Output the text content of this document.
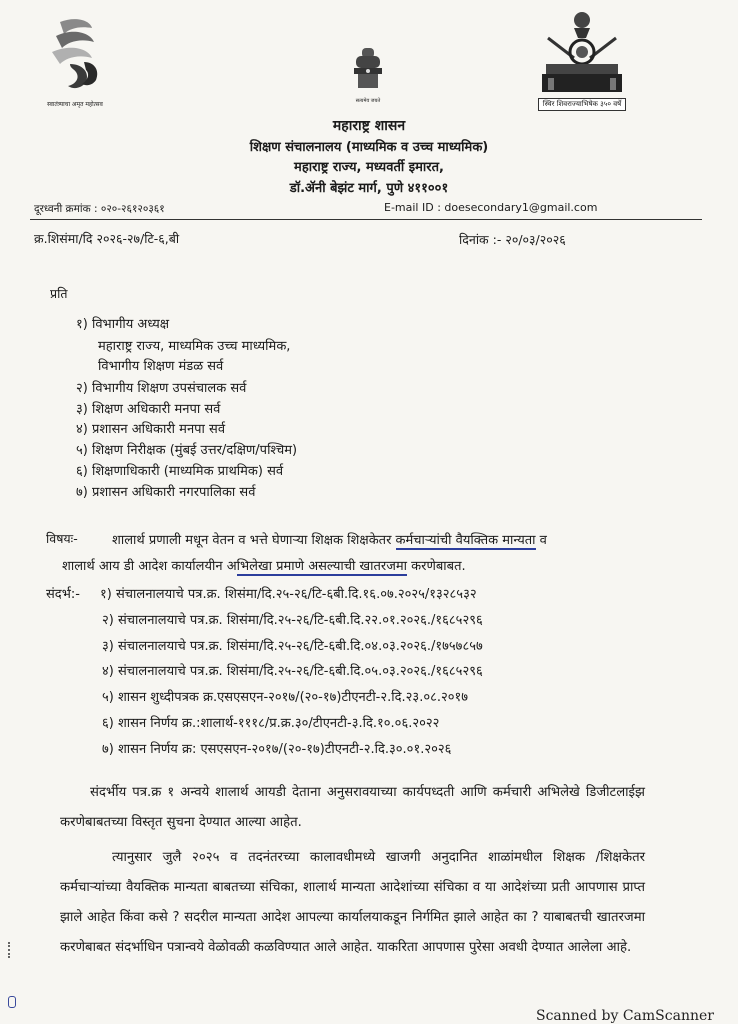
स्वातंत्र्याचा अमृत महोत्सव	सत्यमेव जयते	स्थिर शिवराज्याभिषेक ३५० वर्षे
महाराष्ट्र शासन
शिक्षण संचालनालय (माध्यमिक व उच्च माध्यमिक)
महाराष्ट्र राज्य, मध्यवर्ती इमारत,
डॉ.ॲनी बेझंट मार्ग, पुणे ४११००१
दूरध्वनी क्रमांक : ०२०-२६१२०३६१	E-mail ID : doesecondary1@gmail.com
क्र.शिसंमा/दि २०२६-२७/टि-६,बी	दिनांक :- २०/०३/२०२६
प्रति
१) विभागीय अध्यक्ष
महाराष्ट्र राज्य, माध्यमिक उच्च माध्यमिक,
विभागीय शिक्षण मंडळ सर्व
२) विभागीय शिक्षण उपसंचालक सर्व
३) शिक्षण अधिकारी मनपा सर्व
४) प्रशासन अधिकारी मनपा सर्व
५) शिक्षण निरीक्षक (मुंबई उत्तर/दक्षिण/पश्चिम)
६) शिक्षणाधिकारी (माध्यमिक प्राथमिक) सर्व
७) प्रशासन अधिकारी नगरपालिका सर्व
विषयः-	शालार्थ प्रणाली मधून वेतन व भत्ते घेणाऱ्या शिक्षक शिक्षकेतर कर्मचाऱ्यांची वैयक्तिक मान्यता व
शालार्थ आय डी आदेश कार्यालयीन अभिलेखा प्रमाणे असल्याची खातरजमा करणेबाबत.
संदर्भ:- १) संचालनालयाचे पत्र.क्र. शिसंमा/दि.२५-२६/टि-६बी.दि.१६.०७.२०२५/१३२८५३२
२) संचालनालयाचे पत्र.क्र. शिसंमा/दि.२५-२६/टि-६बी.दि.२२.०१.२०२६./१६८५२९६
३) संचालनालयाचे पत्र.क्र. शिसंमा/दि.२५-२६/टि-६बी.दि.०४.०३.२०२६./१७५७८५७
४) संचालनालयाचे पत्र.क्र. शिसंमा/दि.२५-२६/टि-६बी.दि.०५.०३.२०२६./१६८५२९६
५) शासन शुध्दीपत्रक क्र.एसएसएन-२०१७/(२०-१७)टीएनटी-२.दि.२३.०८.२०१७
६) शासन निर्णय क्र.:शालार्थ-१११८/प्र.क्र.३०/टीएनटी-३.दि.१०.०६.२०२२
७) शासन निर्णय क्र: एसएसएन-२०१७/(२०-१७)टीएनटी-२.दि.३०.०१.२०२६
संदर्भीय पत्र.क्र १ अन्वये शालार्थ आयडी देताना अनुसरावयाच्या कार्यपध्दती आणि कर्मचारी अभिलेखे डिजीटलाईझ करणेबाबतच्या विस्तृत सुचना देण्यात आल्या आहेत.
त्यानुसार जुलै २०२५ व तदनंतरच्या कालावधीमध्ये खाजगी अनुदानित शाळांमधील शिक्षक /शिक्षकेतर कर्मचाऱ्यांच्या वैयक्तिक मान्यता बाबतच्या संचिका, शालार्थ मान्यता आदेशांच्या संचिका व या आदेशंच्या प्रती आपणास प्राप्त झाले आहेत किंवा कसे ? सदरील मान्यता आदेश आपल्या कार्यालयाकडून निर्गमित झाले आहेत का ? याबाबतची खातरजमा करणेबाबत संदर्भाधिन पत्रान्वये वेळोवळी कळविण्यात आले आहेत. याकरिता आपणास पुरेसा अवधी देण्यात आलेला आहे.
Scanned by CamScanner
